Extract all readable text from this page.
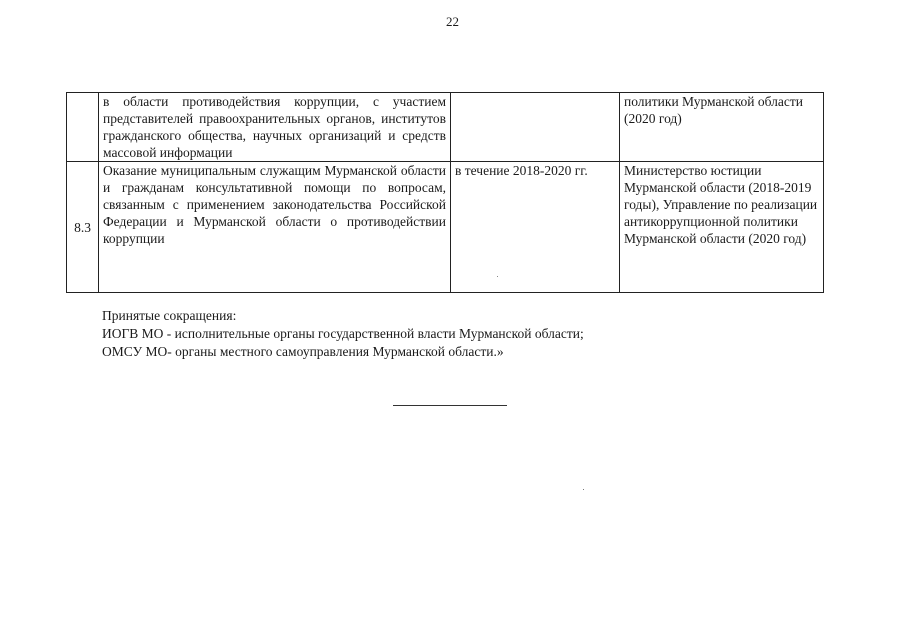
22
	в области противодействия коррупции, с участием представителей правоохранительных органов, институтов гражданского общества, научных организаций и средств массовой информации		политики Мурманской области (2020 год)
8.3	Оказание муниципальным служащим Мурманской области и гражданам консультативной помощи по вопросам, связанным с применением законодательства Российской Федерации и Мурманской области о противодействии коррупции	в течение 2018-2020 гг.	Министерство юстиции Мурманской области (2018-2019 годы), Управление по реализации антикоррупционной политики Мурманской области (2020 год)
Принятые сокращения:
ИОГВ МО - исполнительные органы государственной власти Мурманской области;
ОМСУ МО- органы местного самоуправления Мурманской области.»
